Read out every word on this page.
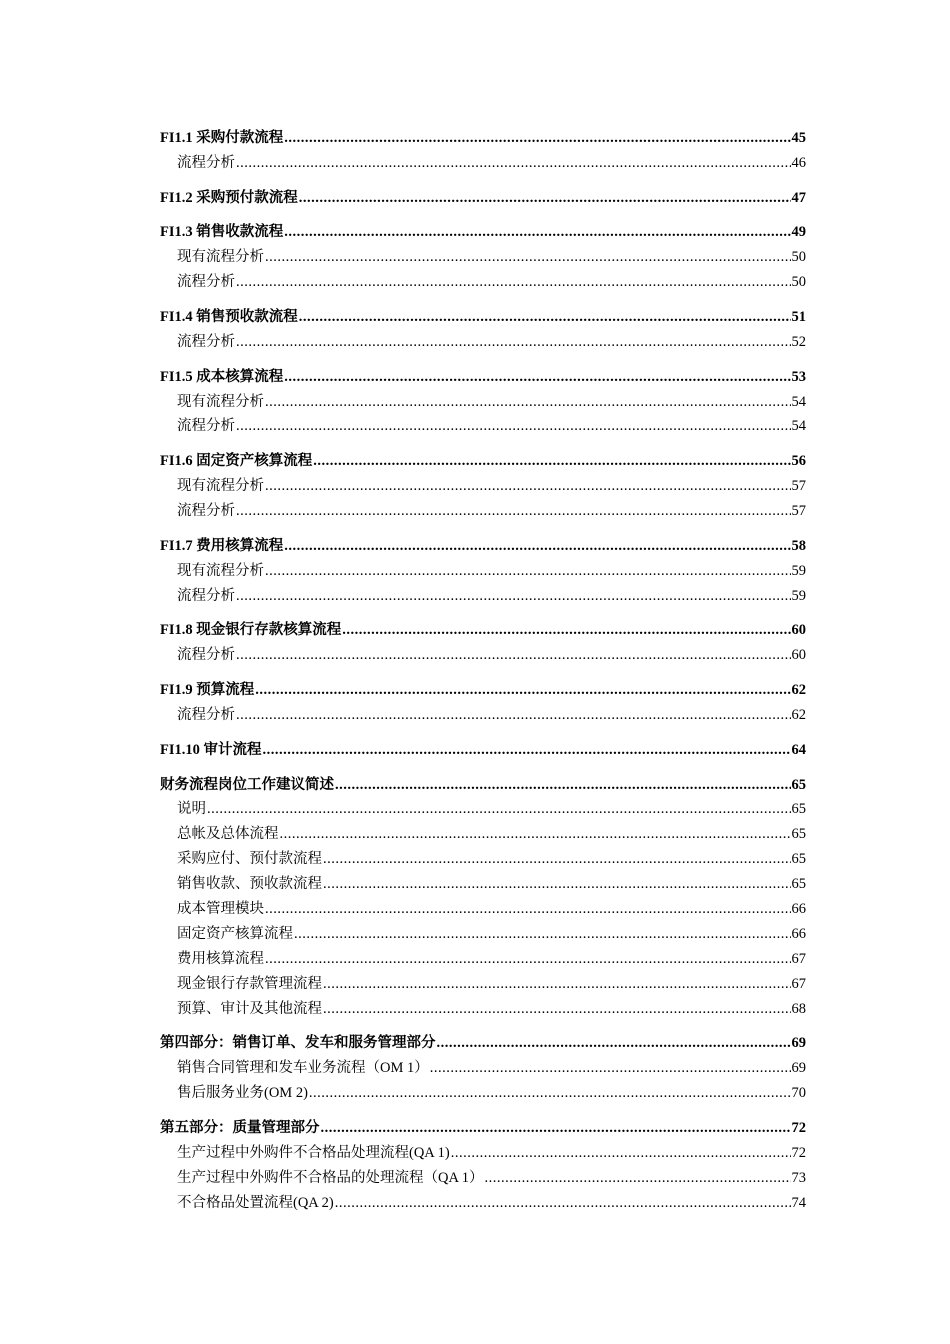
FI1.1 采购付款流程 .....	45
流程分析 .....	46
FI1.2 采购预付款流程 .....	47
FI1.3 销售收款流程 .....	49
现有流程分析 .....	50
流程分析 .....	50
FI1.4 销售预收款流程 .....	51
流程分析 .....	52
FI1.5 成本核算流程 .....	53
现有流程分析 .....	54
流程分析 .....	54
FI1.6 固定资产核算流程 .....	56
现有流程分析 .....	57
流程分析 .....	57
FI1.7 费用核算流程 .....	58
现有流程分析 .....	59
流程分析 .....	59
FI1.8 现金银行存款核算流程 .....	60
流程分析 .....	60
FI1.9 预算流程 .....	62
流程分析 .....	62
FI1.10 审计流程 .....	64
财务流程岗位工作建议简述 .....	65
说明 .....	65
总帐及总体流程 .....	65
采购应付、预付款流程 .....	65
销售收款、预收款流程 .....	65
成本管理模块 .....	66
固定资产核算流程 .....	66
费用核算流程 .....	67
现金银行存款管理流程 .....	67
预算、审计及其他流程 .....	68
第四部分：销售订单、发车和服务管理部分 .....	69
销售合同管理和发车业务流程（OM 1） .....	69
售后服务业务(OM 2) .....	70
第五部分：质量管理部分 .....	72
生产过程中外购件不合格品处理流程(QA 1) .....	72
生产过程中外购件不合格品的处理流程（QA 1） .....	73
不合格品处置流程(QA 2) .....	74
